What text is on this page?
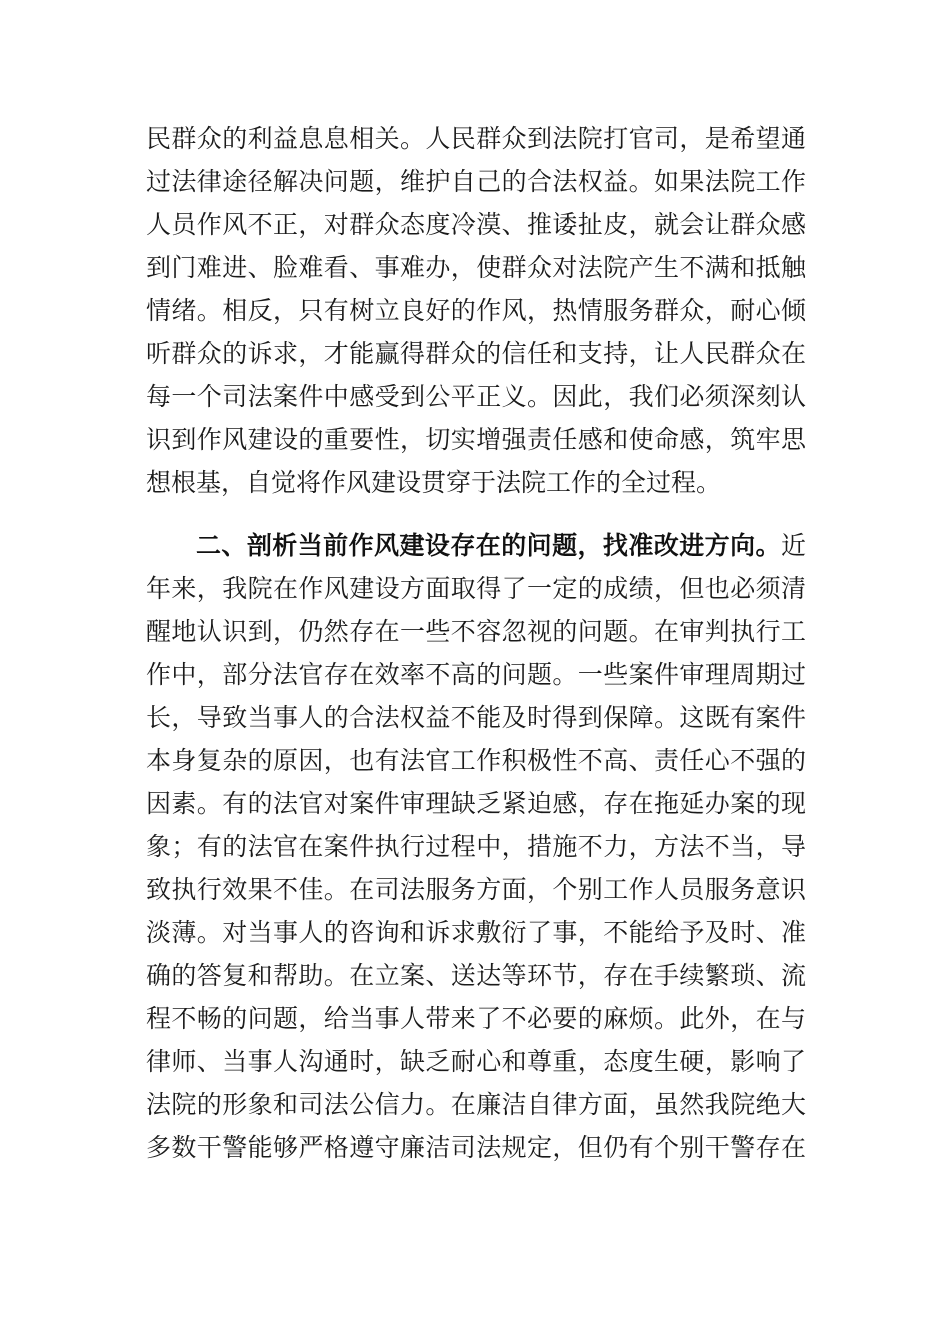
民群众的利益息息相关。人民群众到法院打官司，是希望通
过法律途径解决问题，维护自己的合法权益。如果法院工作
人员作风不正，对群众态度冷漠、推诿扯皮，就会让群众感
到门难进、脸难看、事难办，使群众对法院产生不满和抵触
情绪。相反，只有树立良好的作风，热情服务群众，耐心倾
听群众的诉求，才能赢得群众的信任和支持，让人民群众在
每一个司法案件中感受到公平正义。因此，我们必须深刻认
识到作风建设的重要性，切实增强责任感和使命感，筑牢思
想根基，自觉将作风建设贯穿于法院工作的全过程。
二、剖析当前作风建设存在的问题，找准改进方向。近
年来，我院在作风建设方面取得了一定的成绩，但也必须清
醒地认识到，仍然存在一些不容忽视的问题。在审判执行工
作中，部分法官存在效率不高的问题。一些案件审理周期过
长，导致当事人的合法权益不能及时得到保障。这既有案件
本身复杂的原因，也有法官工作积极性不高、责任心不强的
因素。有的法官对案件审理缺乏紧迫感，存在拖延办案的现
象；有的法官在案件执行过程中，措施不力，方法不当，导
致执行效果不佳。在司法服务方面，个别工作人员服务意识
淡薄。对当事人的咨询和诉求敷衍了事，不能给予及时、准
确的答复和帮助。在立案、送达等环节，存在手续繁琐、流
程不畅的问题，给当事人带来了不必要的麻烦。此外，在与
律师、当事人沟通时，缺乏耐心和尊重，态度生硬，影响了
法院的形象和司法公信力。在廉洁自律方面，虽然我院绝大
多数干警能够严格遵守廉洁司法规定，但仍有个别干警存在
